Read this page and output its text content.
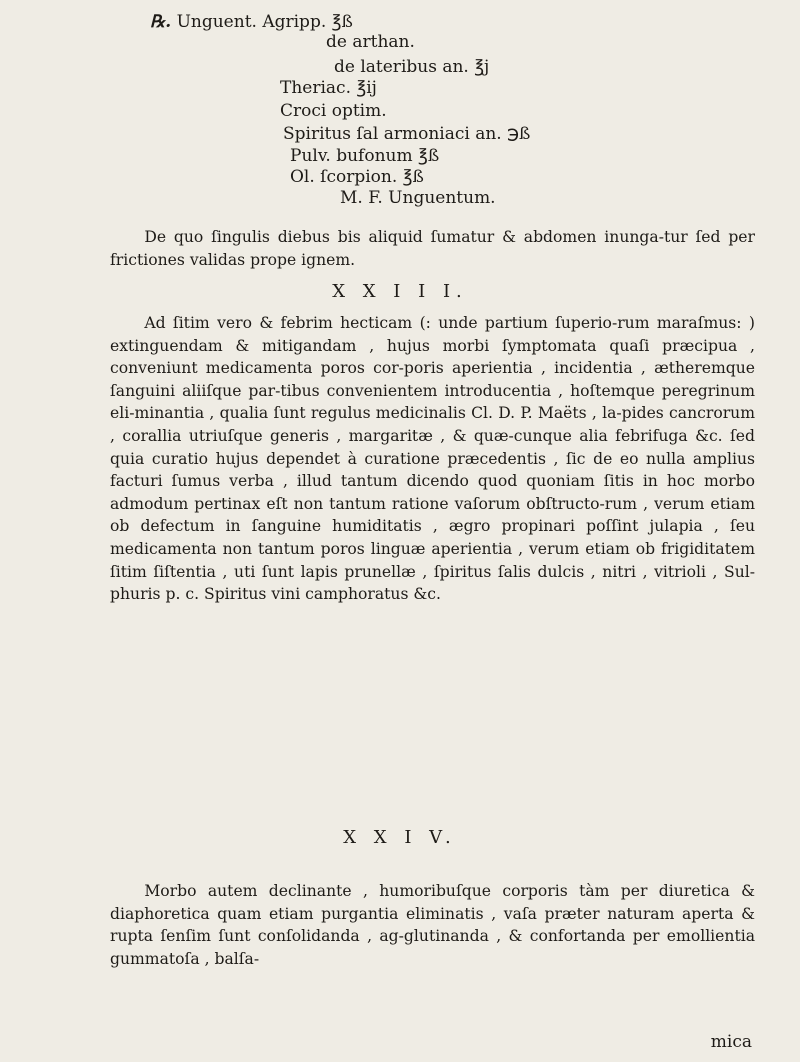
℞. Unguent. Agripp. ℥ß
de arthan.
de lateribus an. ℥j
Theriac. ℥ij
Croci optim.
Spiritus ſal armoniaci an. ℈ß
Pulv. bufonum ℥ß
Ol. ſcorpion. ℥ß
M. F. Unguentum.

De quo ſingulis diebus bis aliquid ſumatur & abdomen inunga-tur ſed per frictiones validas prope ignem.

X X I I I.

Ad ſitim vero & febrim hecticam (: unde partium ſuperio-rum maraſmus: ) extinguendam & mitigandam , hujus morbi ſymptomata quaſi præcipua , conveniunt medicamenta poros cor-poris aperientia , incidentia , ætheremque ſanguini aliiſque par-tibus convenientem introducentia , hoſtemque peregrinum eli-minantia , qualia ſunt regulus medicinalis Cl. D. P. Maëts , la-pides cancrorum , corallia utriuſque generis , margaritæ , & quæ-cunque alia febrifuga &c. ſed quia curatio hujus dependet à curatione præcedentis , ſic de eo nulla amplius facturi ſumus verba , illud tantum dicendo quod quoniam ſitis in hoc morbo admodum pertinax eſt non tantum ratione vaſorum obſtructo-rum , verum etiam ob defectum in ſanguine humiditatis , ægro propinari poſſint julapia , ſeu medicamenta non tantum poros linguæ aperientia , verum etiam ob frigiditatem ſitim ſiſtentia , uti ſunt lapis prunellæ , ſpiritus ſalis dulcis , nitri , vitrioli , Sul-phuris p. c. Spiritus vini camphoratus &c.

X X I V.

Morbo autem declinante , humoribuſque corporis tàm per diuretica & diaphoretica quam etiam purgantia eliminatis , vaſa præter naturam aperta & rupta ſenſim ſunt conſolidanda , ag-glutinanda , & confortanda per emollientia gummatoſa , balſa-

mica
